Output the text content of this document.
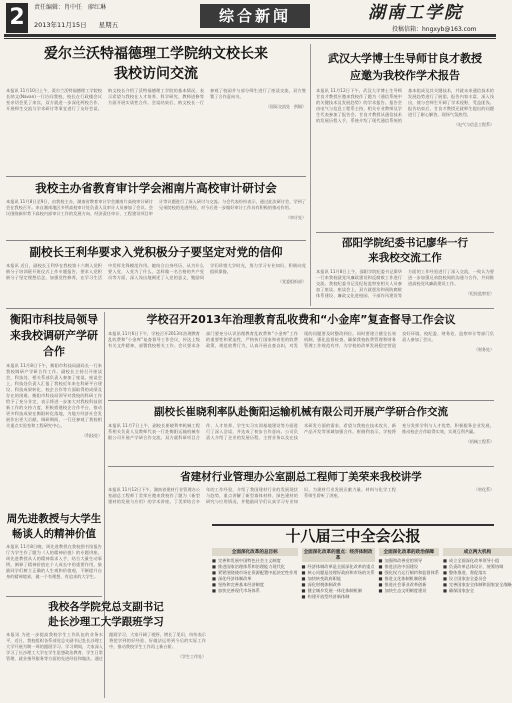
2	责任编辑：肖中任　廖红琳
2013年11月15日 星期五	综合新闻	湖南工学院
投稿信箱：hngxyb@163.com

爱尔兰沃特福德理工学院纳文校长来

我校访问交流

本报讯 11月10日上午，爱尔兰沃特福德理工学院校长纳文(Navan)一行访问我校，校长在行政楼会议室亲切会见了来宾，双方就进一步深化两校合作、开展师生交流与学术研讨等事宜进行了友好会谈。纳文校长介绍了沃特福德理工学院的基本情况，表示希望与我校在人才培养、科学研究、教师进修等方面开展实质性合作。会谈结束后，纳文校长一行参观了校园并与部分师生进行了座谈交流，双方签署了合作意向书。

（国际交流处　供稿）

我校主办省教育审计学会湘南片高校审计研讨会

本报讯 11月8日至9日，由我校主办，湖南省教育审计学会湘南片高校审计研讨会在我校召开。来自湘南地区多所高校审计处负责人及审计人员参加了会议。会议围绕新形势下高校内部审计工作的发展方向、经济责任审计、工程建设项目审计等议题进行了深入研讨与交流。与会代表纷纷表示，通过此次研讨会，学到了兄弟院校的先进经验，对今后进一步做好审计工作具有积极的推动作用。

（审计处）

副校长王利华要求入党积极分子要坚定对党的信仰

本报讯 近日，副校长王利华在我校第十六期入党积极分子培训班开班仪式上作专题报告，要求入党积极分子坚定理想信念，加强党性修养，在学习生活中发挥先锋模范作用。她结合自身经历，从为什么要入党、入党为了什么、怎样做一名合格的共产党员等方面，深入浅出地阐述了入党的意义，勉励同学们珍惜大学时光，努力学习专业知识，积极向党组织靠拢。

（党委组织部）

武汉大学博士生导师甘良才教授

应邀为我校作学术报告

本报讯 11月12日下午，武汉大学博士生导师甘良才教授应邀来我校作了题为《通信系统中的关键技术及发展趋势》的学术报告。报告会由电气与信息工程系主持，相关专业教师及学生代表参加了报告会。甘良才教授从通信技术的发展历程入手，系统介绍了现代通信系统的基本组成及其关键技术，并就未来通信技术的发展趋势进行了展望。报告内容丰富、深入浅出，使与会师生开阔了学术视野，受益匪浅。报告结束后，甘良才教授还就师生提出的问题进行了耐心解答，现场气氛热烈。

（电气与信息工程系）

邵阳学院纪委书记廖华一行

来我校交流工作

本报讯 11月8日上午，邵阳学院纪委书记廖华一行来我校就党风廉政建设和反腐败工作进行交流。我校纪委书记及纪检监察室相关人员参加了座谈。座谈会上，双方就惩治和预防腐败体系建设、廉政文化进校园、干部作风建设等方面的工作经验进行了深入交流，一致认为要进一步加强兄弟院校间的沟通与合作，共同推进高校党风廉政建设工作。

（纪检监察室）

衡阳市科技局领导

来我校调研产学研合作

本报讯 11月8日下午，衡阳市科技局副局长一行来我校调研产学研合作工作。副校长主持召开座谈会，科技处、相关系部负责人参加了座谈。座谈会上，科技处负责人汇报了我校近年来在科研平台建设、科技成果转化、校企合作等方面取得的成绩及存在的困难。衡阳市科技局领导对我校的科研工作给予了充分肯定，表示将进一步加大对我校科技创新工作的支持力度，积极搭建校企合作平台，推动更多科技成果在衡阳转化落地，为地方经济社会发展作出更大贡献。调研期间，一行还参观了我校相关重点实验室和工程研究中心。

（科技处）

学校召开2013年治理教育乱收费和“小金库”复查督导工作会议

本报讯 11月6日下午，学校召开2013年治理教育乱收费和“小金库”复查督导工作会议，传达上级有关文件精神，部署我校相关工作。会议要求各部门要充分认识治理教育乱收费和“小金库”工作的重要性和紧迫性，严格执行国家和省里的收费政策，规范收费行为，认真开展自查自纠，对发现的问题要及时整改到位。同时要建立健全长效机制，强化监督检查，确保我校收费管理和财务管理工作规范有序，为学校的改革发展稳定营造良好环境。校纪委、财务处、监察审计等部门负责人参加了会议。

（财务处）

副校长崔晓利率队赴衡阳运输机械有限公司开展产学研合作交流

本报讯 11月7日上午，副校长崔晓利率机械工程系相关负责人及教师代表一行赴衡阳运输机械有限公司开展产学研合作交流。双方就科研项目合作、人才培养、学生实习实训基地建设等方面进行了深入洽谈，并达成了初步合作意向。公司负责人介绍了企业的发展历程、主营业务以及在技术研发方面的需求，希望与我校在技术攻关、新产品开发等领域加强合作。崔晓利表示，学校将充分发挥学科与人才优势，积极服务企业发展，推动校企合作取得实效，实现互利共赢。

（机械工程系）

省建材行业管理办公室副总工程师丁美荣来我校讲学

本报讯 11月12日下午，湖南省建材行业管理办公室副总工程师丁美荣应邀来我校作了题为《新型建材的发展与应用》的学术讲座。丁美荣结合多年的工作经验，介绍了我国建材行业的发展现状与趋势，重点讲解了新型墙体材料、绿色建材的研究与应用情况，并勉励同学们认真学习专业知识，为建材行业发展贡献力量。材料与化学工程系师生聆听了讲座。

（材化系）

周先进教授与大学生

畅谈人的精神价值

本报讯 11月8日晚，周先进教授在我校图书馆报告厅为学生作了题为《人的精神价值》的专题讲座。周先进教授从人的精神需求入手，结合大量生动事例，阐释了精神价值在个人成长中的重要作用，鼓励同学们树立正确的人生观和价值观，不断提升自身的精神境界，做一个有理想、有追求的大学生。

我校各学院党总支副书记

赴长沙理工大学跟班学习

本报讯 为进一步提高我校学生工作队伍的业务水平，近日，我校组织各系部党总支副书记赴长沙理工大学开展为期一周的跟班学习。学习期间，大家深入学习了长沙理工大学在学生思想政治教育、学生日常管理、就业指导服务等方面的先进经验和做法。通过跟班学习，大家开阔了视野，增长了见识，纷纷表示将把学到的好经验、好做法运用到今后的实际工作中，推动我校学生工作再上新台阶。

（学生工作处）

十八届三中全会公报

全面深化改革的总目标
■ 完善和发展中国特色社会主义制度
■ 推进国家治理体系和治理能力现代化
■ 紧紧围绕使市场在资源配置中起决定性作用
■ 深化经济体制改革
■ 坚持和完善基本经济制度
■ 加快完善现代市场体系
全面深化改革的重点：经济体制改革
■ 经济体制改革是全面深化改革的重点
■ 核心问题是处理好政府和市场的关系
■ 加快转变政府职能
■ 深化财税体制改革
■ 健全城乡发展一体化体制机制
■ 构建开放型经济新体制
全面深化改革的政治保障
■ 加强和改善党的领导
■ 推进法治中国建设
■ 强化权力运行制约和监督体系
■ 推进文化体制机制创新
■ 推进社会事业改革创新
■ 加快生态文明制度建设
成立两大机构
■ 成立全面深化改革领导小组
■ 负责改革总体设计、统筹协调
■ 整体推进、督促落实
■ 设立国家安全委员会
■ 完善国家安全体制和国家安全战略
■ 确保国家安全
